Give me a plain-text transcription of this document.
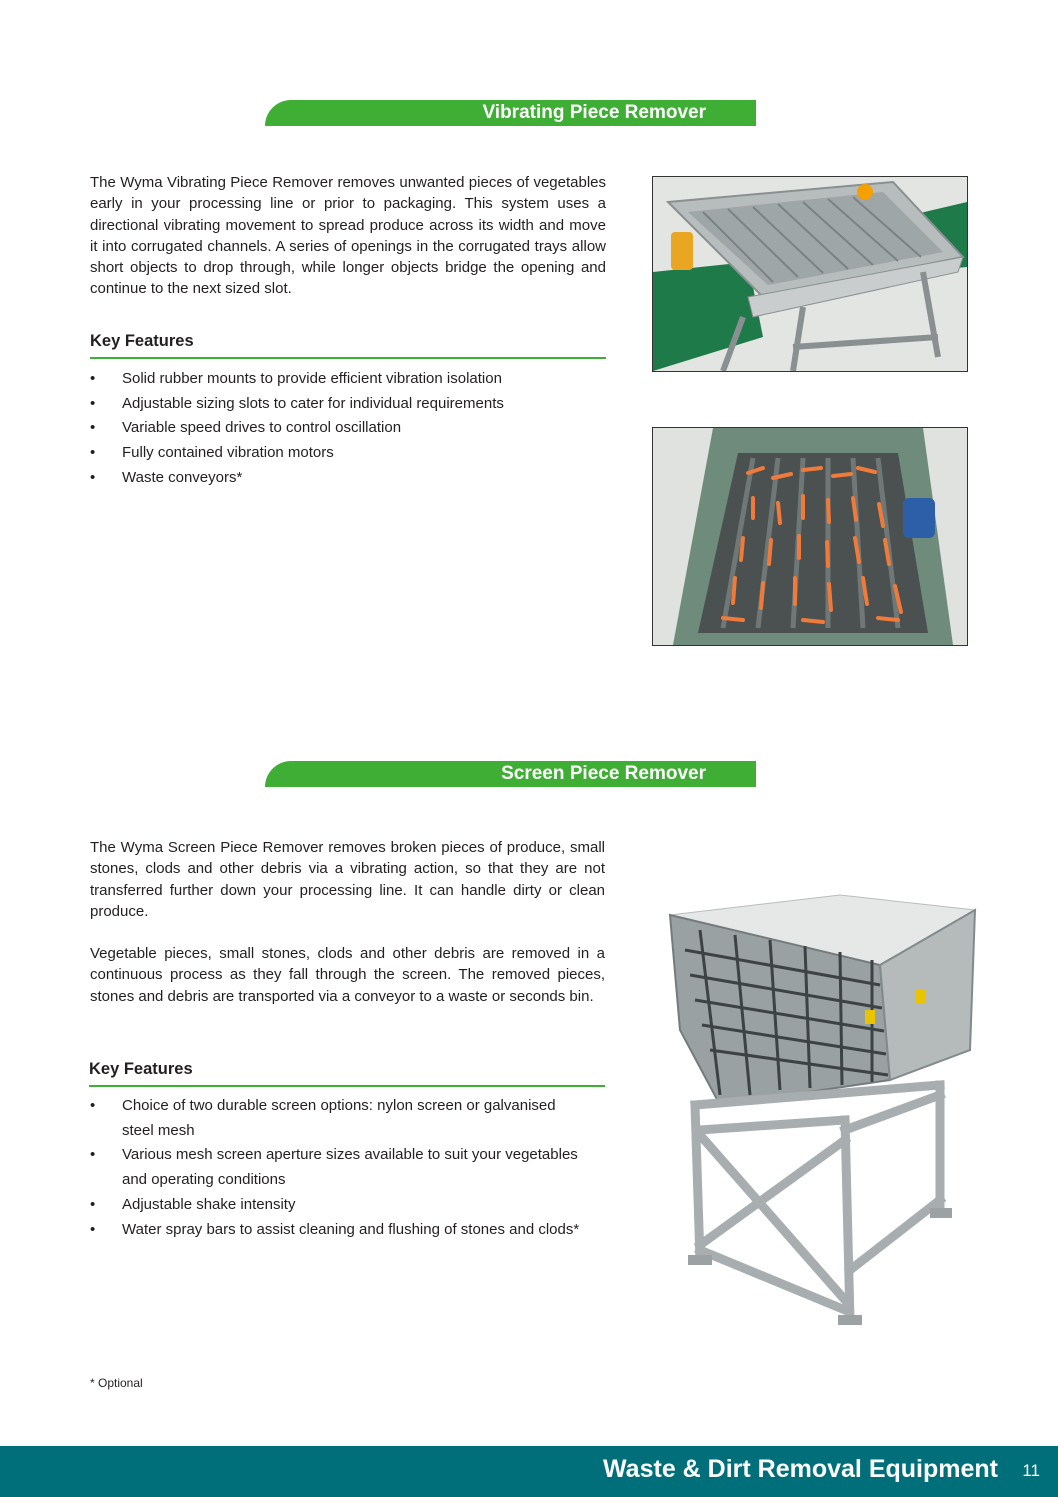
Vibrating Piece Remover

The Wyma Vibrating Piece Remover removes unwanted pieces of vegetables early in your processing line or prior to packaging. This system uses a directional vibrating movement to spread produce across its width and move it into corrugated channels. A series of openings in the corrugated trays allow short objects to drop through, while longer objects bridge the opening and continue to the next sized slot.

Key Features
• Solid rubber mounts to provide efficient vibration isolation
• Adjustable sizing slots to cater for individual requirements
• Variable speed drives to control oscillation
• Fully contained vibration motors
• Waste conveyors*
Screen Piece Remover

The Wyma Screen Piece Remover removes broken pieces of produce, small stones, clods and other debris via a vibrating action, so that they are not transferred further down your processing line. It can handle dirty or clean produce.

Vegetable pieces, small stones, clods and other debris are removed in a continuous process as they fall through the screen. The removed pieces, stones and debris are transported via a conveyor to a waste or seconds bin.

Key Features
• Choice of two durable screen options: nylon screen or galvanised steel mesh
• Various mesh screen aperture sizes available to suit your vegetables and operating conditions
• Adjustable shake intensity
• Water spray bars to assist cleaning and flushing of stones and clods*
* Optional
Waste & Dirt Removal Equipment 11
